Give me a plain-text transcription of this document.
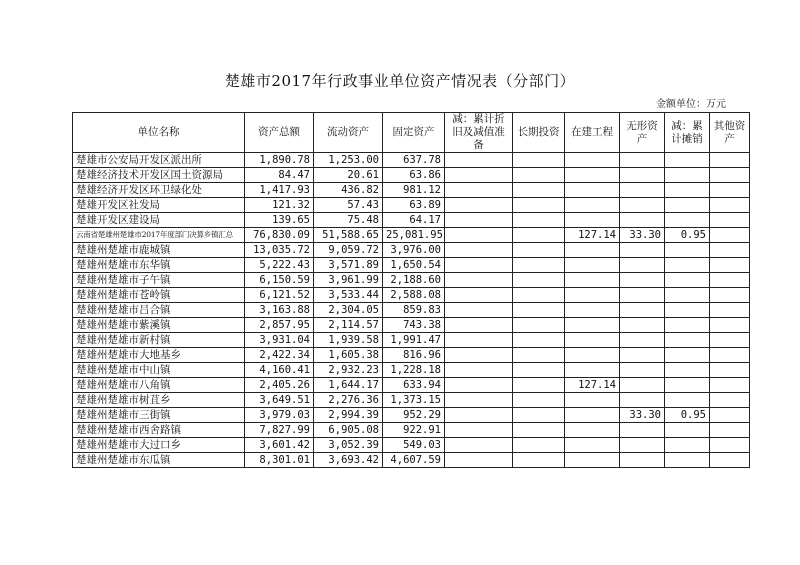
楚雄市2017年行政事业单位资产情况表（分部门）
金额单位：万元
单位名称	资产总额	流动资产	固定资产	减：累计折旧及减值准备	长期投资	在建工程	无形资产	减：累计摊销	其他资产
楚雄市公安局开发区派出所	1,890.78	1,253.00	637.78						
楚雄经济技术开发区国土资源局	84.47	20.61	63.86						
楚雄经济开发区环卫绿化处	1,417.93	436.82	981.12						
楚雄开发区社发局	121.32	57.43	63.89						
楚雄开发区建设局	139.65	75.48	64.17						
云南省楚雄州楚雄市2017年度部门决算乡镇汇总	76,830.09	51,588.65	25,081.95			127.14	33.30	0.95	
楚雄州楚雄市鹿城镇	13,035.72	9,059.72	3,976.00						
楚雄州楚雄市东华镇	5,222.43	3,571.89	1,650.54						
楚雄州楚雄市子午镇	6,150.59	3,961.99	2,188.60						
楚雄州楚雄市苍岭镇	6,121.52	3,533.44	2,588.08						
楚雄州楚雄市吕合镇	3,163.88	2,304.05	859.83						
楚雄州楚雄市紫溪镇	2,857.95	2,114.57	743.38						
楚雄州楚雄市新村镇	3,931.04	1,939.58	1,991.47						
楚雄州楚雄市大地基乡	2,422.34	1,605.38	816.96						
楚雄州楚雄市中山镇	4,160.41	2,932.23	1,228.18						
楚雄州楚雄市八角镇	2,405.26	1,644.17	633.94			127.14			
楚雄州楚雄市树苴乡	3,649.51	2,276.36	1,373.15						
楚雄州楚雄市三街镇	3,979.03	2,994.39	952.29				33.30	0.95	
楚雄州楚雄市西舍路镇	7,827.99	6,905.08	922.91						
楚雄州楚雄市大过口乡	3,601.42	3,052.39	549.03						
楚雄州楚雄市东瓜镇	8,301.01	3,693.42	4,607.59						
